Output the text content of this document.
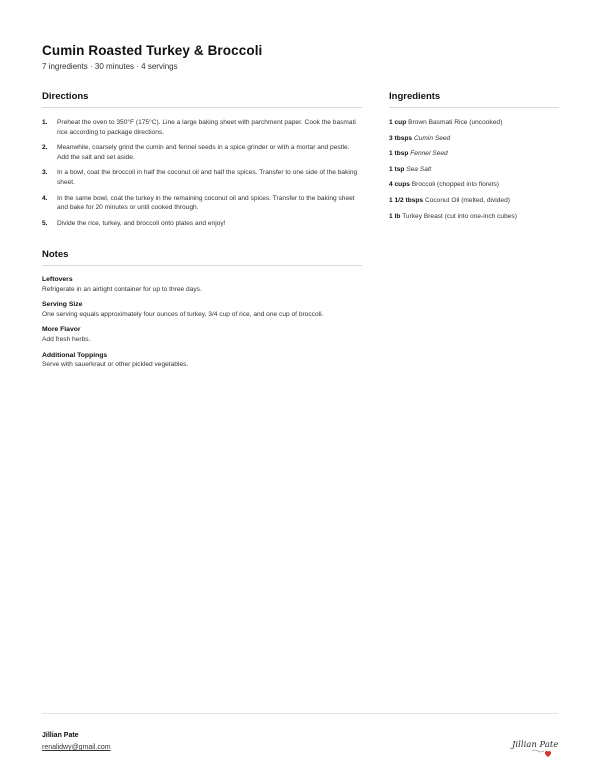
Cumin Roasted Turkey & Broccoli
7 ingredients · 30 minutes · 4 servings
Directions
1.	Preheat the oven to 350°F (175°C). Line a large baking sheet with parchment paper. Cook the basmati rice according to package directions.
2.	Meanwhile, coarsely grind the cumin and fennel seeds in a spice grinder or with a mortar and pestle. Add the salt and set aside.
3.	In a bowl, coat the broccoli in half the coconut oil and half the spices. Transfer to one side of the baking sheet.
4.	In the same bowl, coat the turkey in the remaining coconut oil and spices. Transfer to the baking sheet and bake for 20 minutes or until cooked through.
5.	Divide the rice, turkey, and broccoli onto plates and enjoy!
Ingredients
1 cup Brown Basmati Rice (uncooked)
3 tbsps Cumin Seed
1 tbsp Fennel Seed
1 tsp Sea Salt
4 cups Broccoli (chopped into florets)
1 1/2 tbsps Coconut Oil (melted, divided)
1 lb Turkey Breast (cut into one-inch cubes)
Notes
Leftovers
Refrigerate in an airtight container for up to three days.
Serving Size
One serving equals approximately four ounces of turkey, 3/4 cup of rice, and one cup of broccoli.
More Flavor
Add fresh herbs.
Additional Toppings
Serve with sauerkraut or other pickled vegetables.
Jillian Pate
renalidwy@gmail.com	Jillian Pate
